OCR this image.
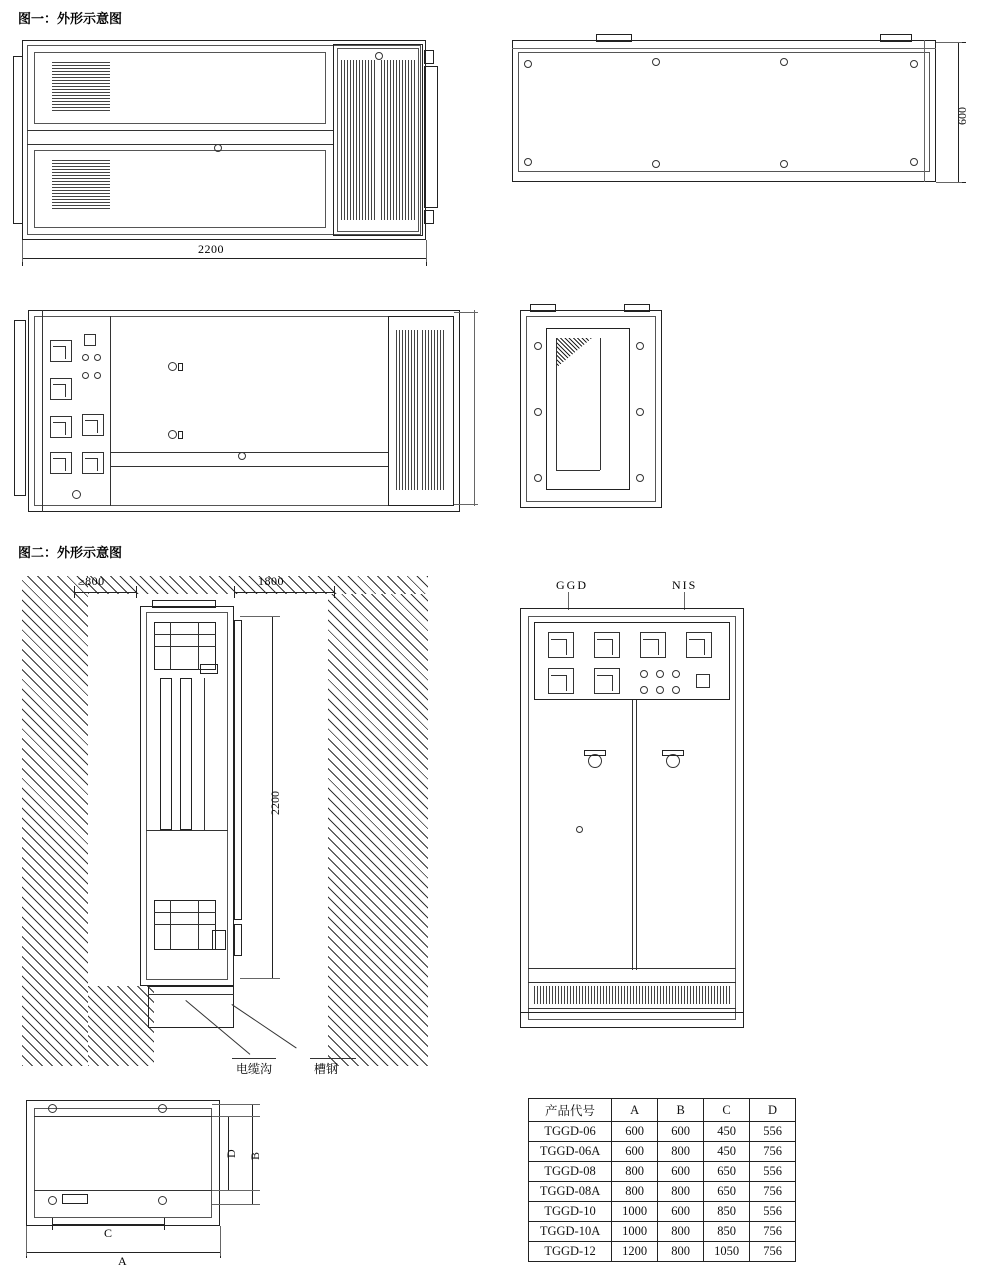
图一：外形示意图
2200
600
图二：外形示意图
≥800	1800
2200
电缆沟	槽钢
GGD	NIS
D B
C
A
产品代号	A	B	C	D
TGGD-06	600	600	450	556
TGGD-06A	600	800	450	756
TGGD-08	800	600	650	556
TGGD-08A	800	800	650	756
TGGD-10	1000	600	850	556
TGGD-10A	1000	800	850	756
TGGD-12	1200	800	1050	756
